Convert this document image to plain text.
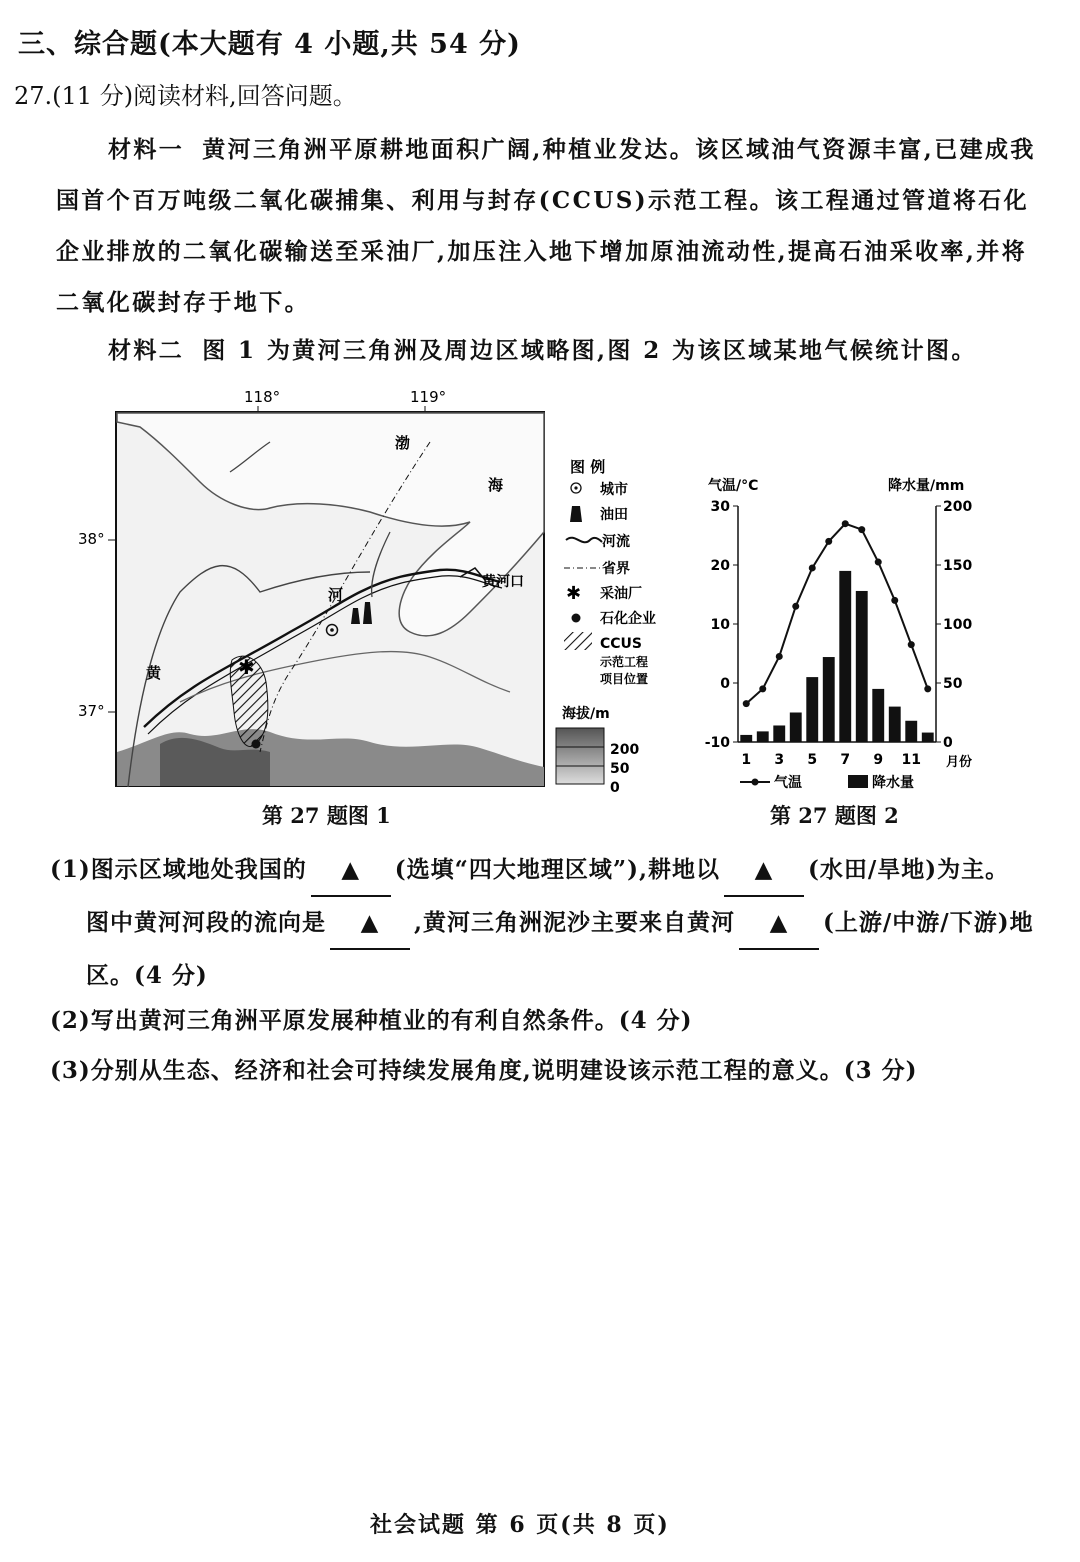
三、综合题(本大题有 4 小题,共 54 分)
27.(11 分)阅读材料,回答问题。
材料一 黄河三角洲平原耕地面积广阔,种植业发达。该区域油气资源丰富,已建成我国首个百万吨级二氧化碳捕集、利用与封存(CCUS)示范工程。该工程通过管道将石化企业排放的二氧化碳输送至采油厂,加压注入地下增加原油流动性,提高石油采收率,并将二氧化碳封存于地下。
材料二 图 1 为黄河三角洲及周边区域略图,图 2 为该区域某地气候统计图。
118°	119°
✱
渤
海
河
黄
黄河口
38°
37°
图 例
城市
油田
河流
省界
✱ 采油厂
石化企业
CCUS
示范工程
项目位置
海拔/m
200
50
0
第 27 题图 1
气温/°C	降水量/mm
30
20
10
0
-10
200
150
100
50
0
1 3 5 7 9 11 月份
气温	降水量
第 27 题图 2
(1)图示区域地处我国的 ▲ (选填“四大地理区域”),耕地以 ▲ (水田/旱地)为主。
图中黄河河段的流向是 ▲ ,黄河三角洲泥沙主要来自黄河 ▲ (上游/中游/下游)地区。(4 分)
(2)写出黄河三角洲平原发展种植业的有利自然条件。(4 分)
(3)分别从生态、经济和社会可持续发展角度,说明建设该示范工程的意义。(3 分)
社会试题 第 6 页(共 8 页)
